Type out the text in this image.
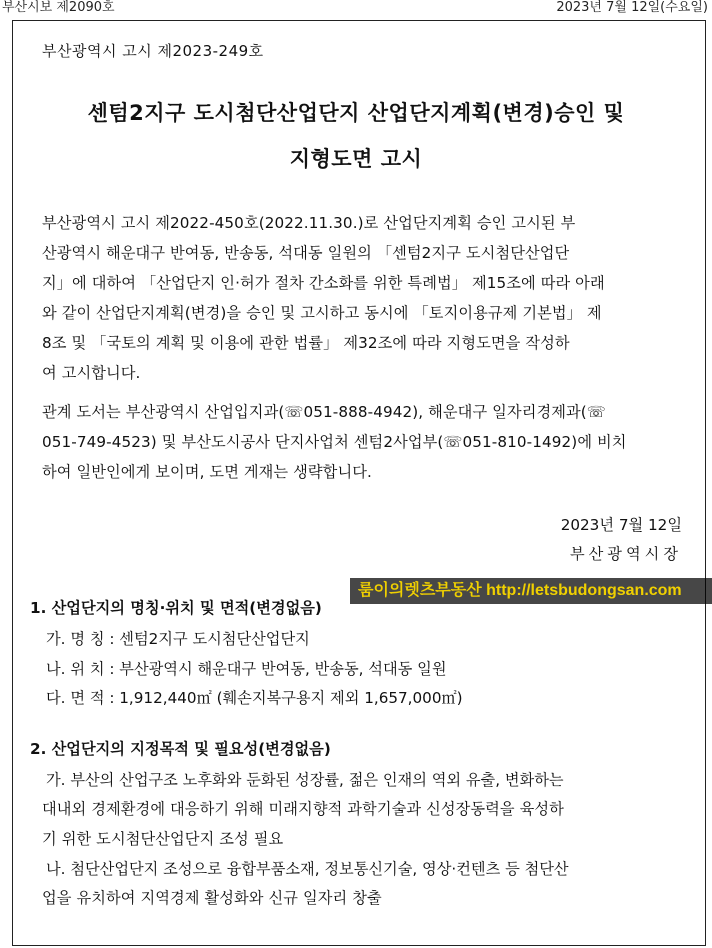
부산시보 제2090호	2023년 7월 12일(수요일)
부산광역시 고시 제2023-249호
센텀2지구 도시첨단산업단지 산업단지계획(변경)승인 및
지형도면 고시
부산광역시 고시 제2022-450호(2022.11.30.)로 산업단지계획 승인 고시된 부
산광역시 해운대구 반여동, 반송동, 석대동 일원의 「센텀2지구 도시첨단산업단
지」에 대하여 「산업단지 인·허가 절차 간소화를 위한 특례법」 제15조에 따라 아래
와 같이 산업단지계획(변경)을 승인 및 고시하고 동시에 「토지이용규제 기본법」 제
8조 및 「국토의 계획 및 이용에 관한 법률」 제32조에 따라 지형도면을 작성하
여 고시합니다.
관계 도서는 부산광역시 산업입지과(☏051-888-4942), 해운대구 일자리경제과(☏
051-749-4523) 및 부산도시공사 단지사업처 센텀2사업부(☏051-810-1492)에 비치
하여 일반인에게 보이며, 도면 게재는 생략합니다.
2023년 7월 12일
부산광역시장
룸이의렛츠부동산 http://letsbudongsan.com
1. 산업단지의 명칭·위치 및 면적(변경없음)
가. 명 칭 : 센텀2지구 도시첨단산업단지
나. 위 치 : 부산광역시 해운대구 반여동, 반송동, 석대동 일원
다. 면 적 : 1,912,440㎡ (훼손지복구용지 제외 1,657,000㎡)
2. 산업단지의 지정목적 및 필요성(변경없음)
가. 부산의 산업구조 노후화와 둔화된 성장률, 젊은 인재의 역외 유출, 변화하는
대내외 경제환경에 대응하기 위해 미래지향적 과학기술과 신성장동력을 육성하
기 위한 도시첨단산업단지 조성 필요
나. 첨단산업단지 조성으로 융합부품소재, 정보통신기술, 영상·컨텐츠 등 첨단산
업을 유치하여 지역경제 활성화와 신규 일자리 창출
